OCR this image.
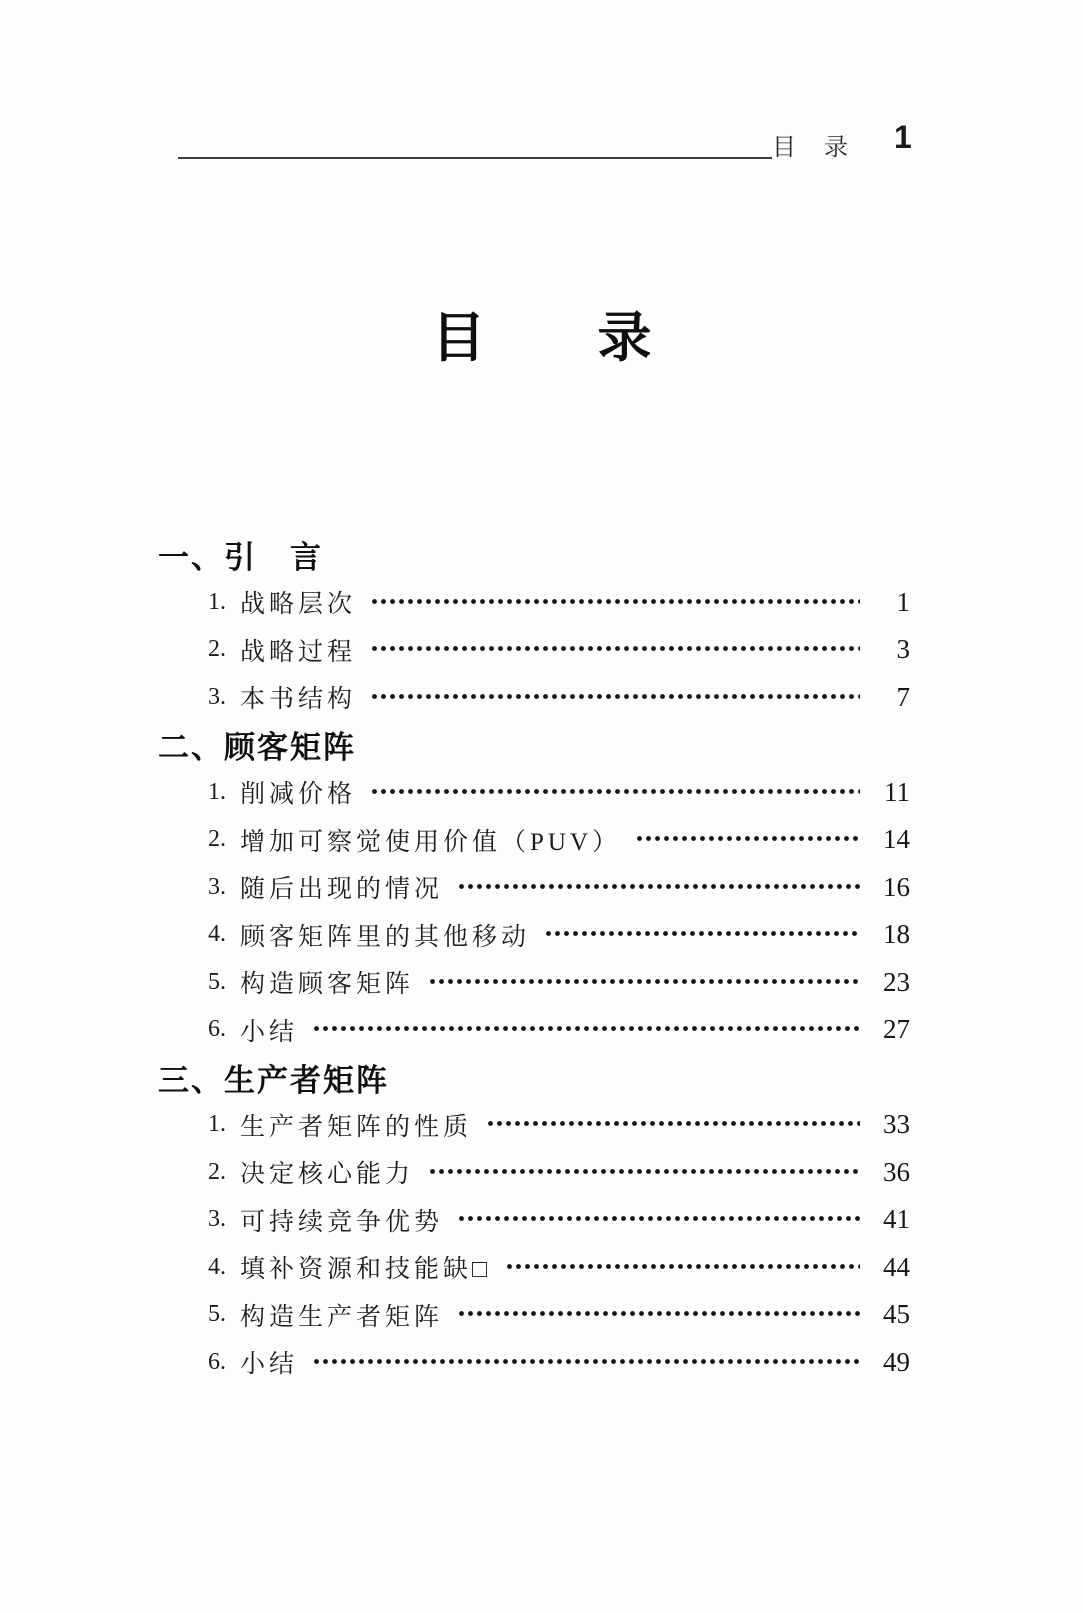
目　录 1
目 录
一、引　言
1. 战略层次	1
2. 战略过程	3
3. 本书结构	7
二、顾客矩阵
1. 削减价格	11
2. 增加可察觉使用价值（PUV）	14
3. 随后出现的情况	16
4. 顾客矩阵里的其他移动	18
5. 构造顾客矩阵	23
6. 小结	27
三、生产者矩阵
1. 生产者矩阵的性质	33
2. 决定核心能力	36
3. 可持续竞争优势	41
4. 填补资源和技能缺□	44
5. 构造生产者矩阵	45
6. 小结	49
